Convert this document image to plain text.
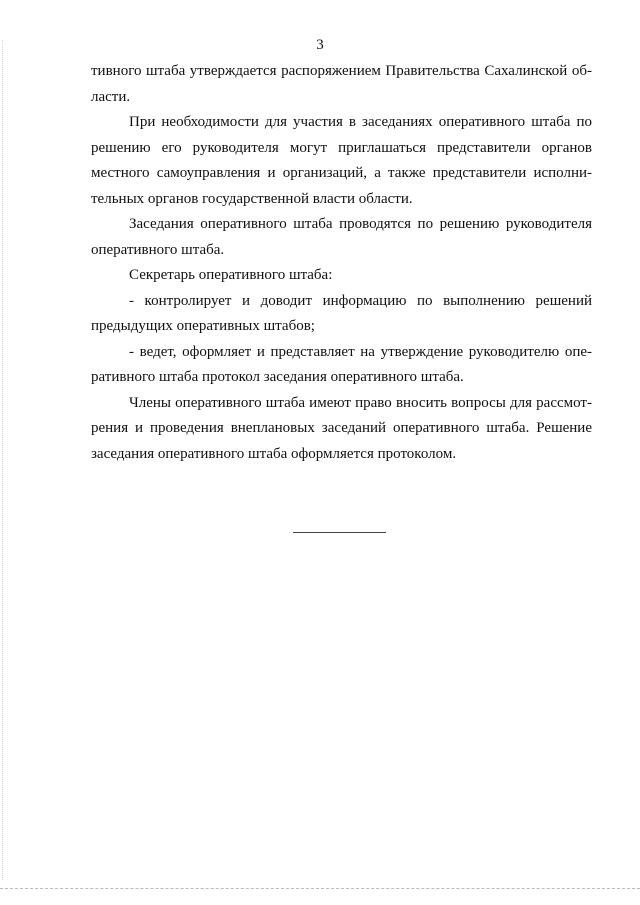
3
тивного штаба утверждается распоряжением Правительства Сахалинской об-
ласти.
При необходимости для участия в заседаниях оперативного штаба по
решению его руководителя могут приглашаться представители органов
местного самоуправления и организаций, а также представители исполни-
тельных органов государственной власти области.
Заседания оперативного штаба проводятся по решению руководителя
оперативного штаба.
Секретарь оперативного штаба:
- контролирует и доводит информацию по выполнению решений
предыдущих оперативных штабов;
- ведет, оформляет и представляет на утверждение руководителю опе-
ративного штаба протокол заседания оперативного штаба.
Члены оперативного штаба имеют право вносить вопросы для рассмот-
рения и проведения внеплановых заседаний оперативного штаба. Решение
заседания оперативного штаба оформляется протоколом.
